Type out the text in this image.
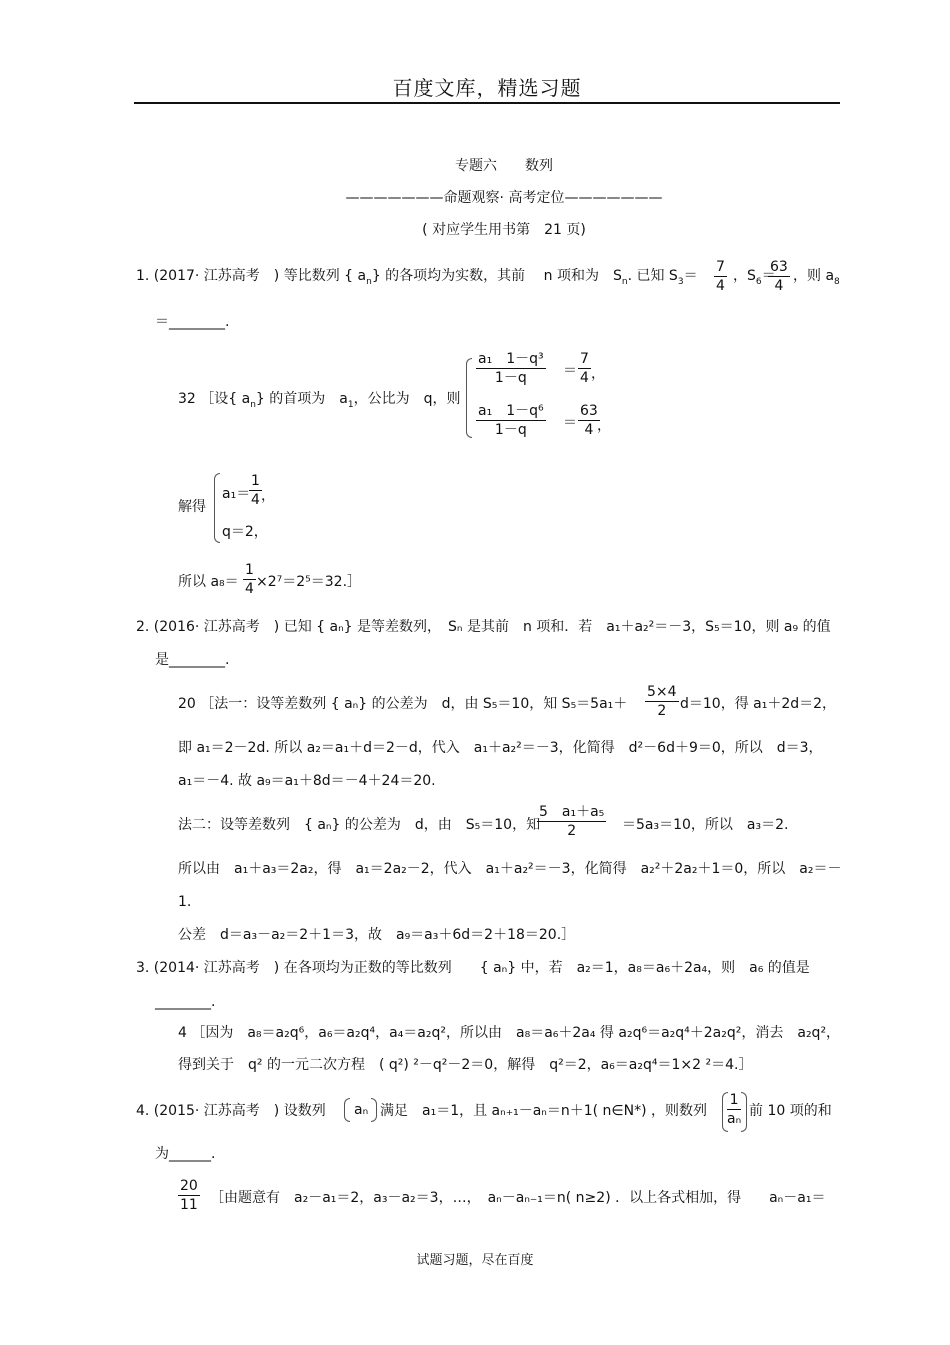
百度文库，精选习题
专题六　　数列
———————命题观察· 高考定位———————
( 对应学生用书第　21 页)
1. (2017· 江苏高考　) 等比数列 { $a_n$} 的各项均为实数，其前　 n 项和为　$S_n$. 已知 $S_3=$
7
4
，$S_6=$
63
4
，则 $a_8$
＝________.
32 ［设{ $a_n$} 的首项为　$a_1$，公比为　q，则
a₁　1－q³
1－q	＝
7
4 ，
a₁　1－q⁶
1－q	＝
63
4 ，
解得
a₁＝
1
4 ，
q＝2，
所以 a₈＝
1
4 ×2⁷＝2⁵＝32.］
2. (2016· 江苏高考　) 已知 { aₙ} 是等差数列，　Sₙ 是其前　n 项和．若　a₁＋a₂²＝－3，S₅＝10，则 a₉ 的值
是________.
20 ［法一：设等差数列 { aₙ} 的公差为　d，由 S₅＝10，知 S₅＝5a₁＋
5×4
2 d＝10，得 a₁＋2d＝2，
即 a₁＝2－2d. 所以 a₂＝a₁＋d＝2－d，代入　a₁＋a₂²＝－3，化简得　d²－6d＋9＝0，所以　d＝3，
a₁＝－4. 故 a₉＝a₁＋8d＝－4＋24＝20.
法二：设等差数列　{ aₙ} 的公差为　d，由　S₅＝10，知
5　a₁＋a₅
2	＝5a₃＝10，所以　a₃＝2.
所以由　a₁＋a₃＝2a₂，得　a₁＝2a₂－2，代入　a₁＋a₂²＝－3，化简得　a₂²＋2a₂＋1＝0，所以　a₂＝－
1.
公差　d＝a₃－a₂＝2＋1＝3，故　a₉＝a₃＋6d＝2＋18＝20.］
3. (2014· 江苏高考　) 在各项均为正数的等比数列　　{ aₙ} 中，若　a₂＝1，a₈＝a₆＋2a₄，则　a₆ 的值是
________.
4 ［因为　a₈＝a₂q⁶，a₆＝a₂q⁴，a₄＝a₂q²，所以由　a₈＝a₆＋2a₄ 得 a₂q⁶＝a₂q⁴＋2a₂q²，消去　a₂q²，
得到关于　q² 的一元二次方程　( q²) ²－q²－2＝0，解得　q²＝2，a₆＝a₂q⁴＝1×2 ²＝4.］
4. (2015· 江苏高考　) 设数列 aₙ 满足　a₁＝1，且 aₙ₊₁－aₙ＝n＋1( n∈N*) ，则数列
1
aₙ
前 10 项的和
为______.
20
11 ［由题意有　a₂－a₁＝2，a₃－a₂＝3，…，　aₙ－aₙ₋₁＝n( n≥2) ．以上各式相加，得　　aₙ－a₁＝
试题习题，尽在百度
